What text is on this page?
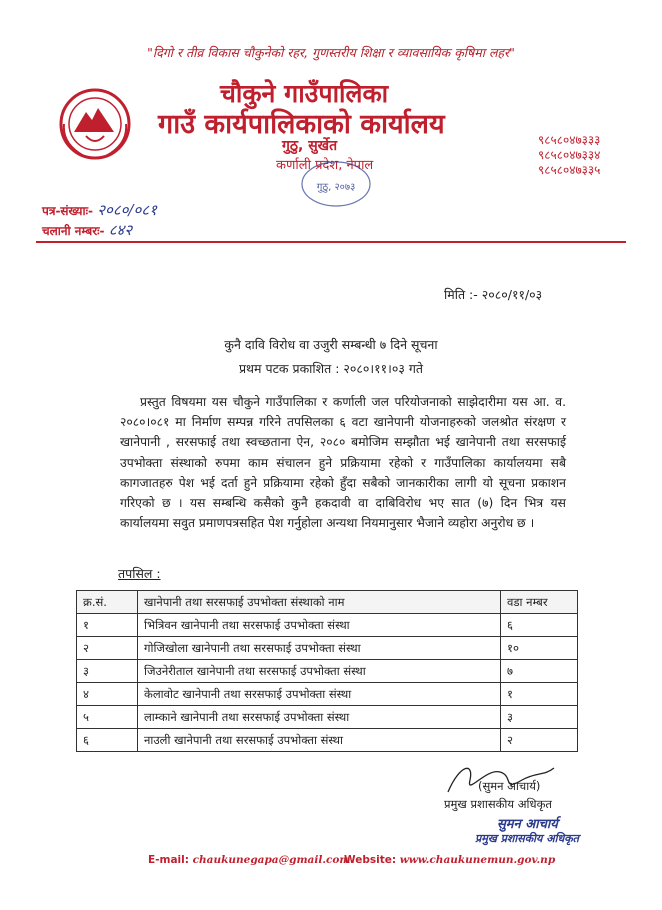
"दिगो र तीव्र विकास चौकुनेको रहर, गुणस्तरीय शिक्षा र व्यावसायिक कृषिमा लहर"
चौकुने गाउँपालिका
गाउँ कार्यपालिकाको कार्यालय
गुठु, सुर्खेत
कर्णाली प्रदेश, नेपाल
९८५८०४७३३३
९८५८०४७३३४
९८५८०४७३३५
गुठु, २०७३
पत्र-संख्याः- २०८०/०८१
चलानी नम्बरः- ८४२
मिति :- २०८०/११/०३
कुनै दावि विरोध वा उजुरी सम्बन्धी ७ दिने सूचना
प्रथम पटक प्रकाशित : २०८०।११।०३ गते
प्रस्तुत विषयमा यस चौकुने गाउँपालिका र कर्णाली जल परियोजनाको साझेदारीमा यस आ. व. २०८०।०८१ मा निर्माण सम्पन्न गरिने तपसिलका ६ वटा खानेपानी योजनाहरुको जलश्रोत संरक्षण र खानेपानी , सरसफाई तथा स्वच्छताना ऐन, २०८० बमोजिम सम्झौता भई खानेपानी तथा सरसफाई उपभोक्ता संस्थाको रुपमा काम संचालन हुने प्रक्रियामा रहेको र गाउँपालिका कार्यालयमा सबै कागजातहरु पेश भई दर्ता हुने प्रक्रियामा रहेको हुँदा सबैको जानकारीका लागी यो सूचना प्रकाशन गरिएको छ । यस सम्बन्धि कसैको कुनै हकदावी वा दाबिविरोध भए सात (७) दिन भित्र यस कार्यालयमा सवुत प्रमाणपत्रसहित पेश गर्नुहोला अन्यथा नियमानुसार भैजाने व्यहोरा अनुरोध छ ।
तपसिल :
क्र.सं.	खानेपानी तथा सरसफाई उपभोक्ता संस्थाको नाम	वडा नम्बर
१	भित्रिवन खानेपानी तथा सरसफाई उपभोक्ता संस्था	६
२	गोजिखोला खानेपानी तथा सरसफाई उपभोक्ता संस्था	१०
३	जिउनेरीताल खानेपानी तथा सरसफाई उपभोक्ता संस्था	७
४	केलावोट खानेपानी तथा सरसफाई उपभोक्ता संस्था	१
५	लाम्काने खानेपानी तथा सरसफाई उपभोक्ता संस्था	३
६	नाउली खानेपानी तथा सरसफाई उपभोक्ता संस्था	२
(सुमन आचार्य)
प्रमुख प्रशासकीय अधिकृत
सुमन आचार्य
प्रमुख प्रशासकीय अधिकृत
E-mail: chaukunegapa@gmail.com
Website: www.chaukunemun.gov.np
